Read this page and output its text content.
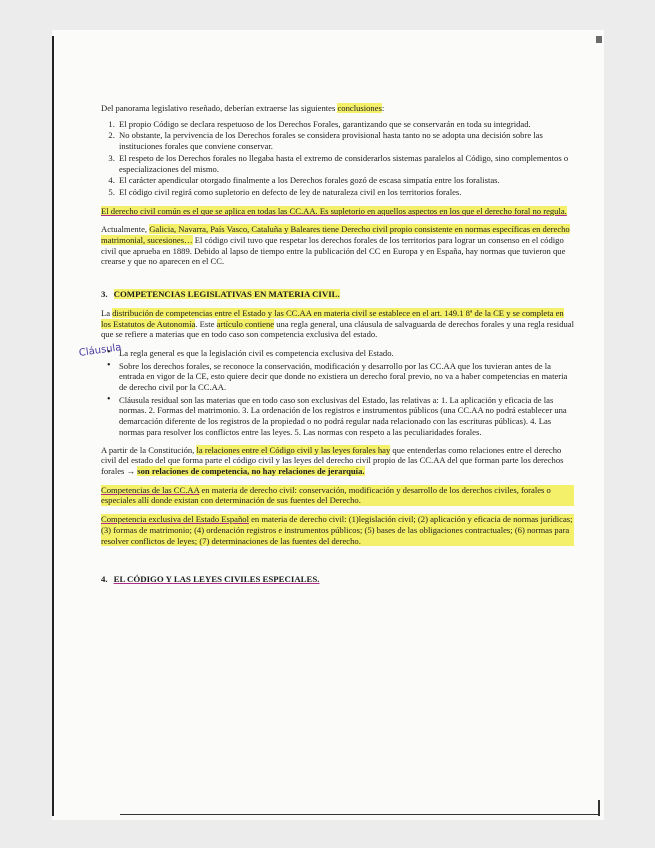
Del panorama legislativo reseñado, deberían extraerse las siguientes conclusiones:

1. El propio Código se declara respetuoso de los Derechos Forales, garantizando que se conservarán en toda su integridad.
2. No obstante, la pervivencia de los Derechos forales se considera provisional hasta tanto no se adopta una decisión sobre las instituciones forales que conviene conservar.
3. El respeto de los Derechos forales no llegaba hasta el extremo de considerarlos sistemas paralelos al Código, sino complementos o especializaciones del mismo.
4. El carácter apendicular otorgado finalmente a los Derechos forales gozó de escasa simpatía entre los foralistas.
5. El código civil regirá como supletorio en defecto de ley de naturaleza civil en los territorios forales.

El derecho civil común es el que se aplica en todas las CC.AA. Es supletorio en aquellos aspectos en los que el derecho foral no regula.

Actualmente, Galicia, Navarra, País Vasco, Cataluña y Baleares tiene Derecho civil propio consistente en normas específicas en derecho matrimonial, sucesiones… El código civil tuvo que respetar los derechos forales de los territorios para lograr un consenso en el código civil que aprueba en 1889. Debido al lapso de tiempo entre la publicación del CC en Europa y en España, hay normas que tuvieron que crearse y que no aparecen en el CC.

3. COMPETENCIAS LEGISLATIVAS EN MATERIA CIVIL.

La distribución de competencias entre el Estado y las CC.AA en materia civil se establece en el art. 149.1 8ª de la CE y se completa en los Estatutos de Autonomía. Este artículo contiene una regla general, una cláusula de salvaguarda de derechos forales y una regla residual que se refiere a materias que en todo caso son competencia exclusiva del estado.

Cláusula
• La regla general es que la legislación civil es competencia exclusiva del Estado.
• Sobre los derechos forales, se reconoce la conservación, modificación y desarrollo por las CC.AA que los tuvieran antes de la entrada en vigor de la CE, esto quiere decir que donde no existiera un derecho foral previo, no va a haber competencias en materia de derecho civil por la CC.AA.
• Cláusula residual son las materias que en todo caso son exclusivas del Estado, las relativas a: 1. La aplicación y eficacia de las normas. 2. Formas del matrimonio. 3. La ordenación de los registros e instrumentos públicos (una CC.AA no podrá establecer una demarcación diferente de los registros de la propiedad o no podrá regular nada relacionado con las escrituras públicas). 4. Las normas para resolver los conflictos entre las leyes. 5. Las normas con respeto a las peculiaridades forales.

A partir de la Constitución, la relaciones entre el Código civil y las leyes forales hay que entenderlas como relaciones entre el derecho civil del estado del que forma parte el código civil y las leyes del derecho civil propio de las CC.AA del que forman parte los derechos forales → son relaciones de competencia, no hay relaciones de jerarquía.

Competencias de las CC.AA en materia de derecho civil: conservación, modificación y desarrollo de los derechos civiles, forales o especiales allí donde existan con determinación de sus fuentes del Derecho.

Competencia exclusiva del Estado Español en materia de derecho civil: (1)legislación civil; (2) aplicación y eficacia de normas jurídicas; (3) formas de matrimonio; (4) ordenación registros e instrumentos públicos; (5) bases de las obligaciones contractuales; (6) normas para resolver conflictos de leyes; (7) determinaciones de las fuentes del derecho.

4. EL CÓDIGO Y LAS LEYES CIVILES ESPECIALES.
